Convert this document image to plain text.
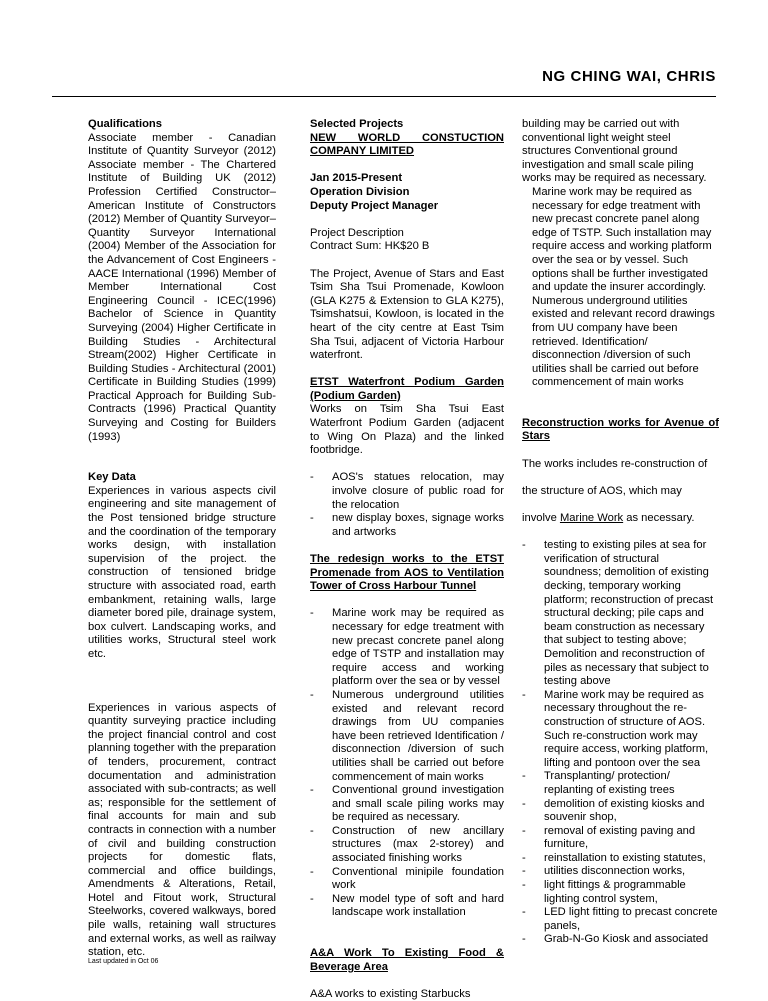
NG CHING WAI, CHRIS

Qualifications

Associate member - Canadian Institute of Quantity Surveyor (2012) Associate member - The Chartered Institute of Building UK (2012) Profession Certified Constructor– American Institute of Constructors (2012) Member of Quantity Surveyor– Quantity Surveyor International (2004) Member of the Association for the Advancement of Cost Engineers - AACE International (1996) Member of Member International Cost Engineering Council - ICEC(1996) Bachelor of Science in Quantity Surveying (2004) Higher Certificate in Building Studies - Architectural Stream(2002) Higher Certificate in Building Studies - Architectural (2001) Certificate in Building Studies (1999) Practical Approach for Building Sub-Contracts (1996) Practical Quantity Surveying and Costing for Builders (1993)

Key Data

Experiences in various aspects civil engineering and site management of the Post tensioned bridge structure and the coordination of the temporary works design, with installation supervision of the project. the construction of tensioned bridge structure with associated road, earth embankment, retaining walls, large diameter bored pile, drainage system, box culvert. Landscaping works, and utilities works, Structural steel work etc.

Experiences in various aspects of quantity surveying practice including the project financial control and cost planning together with the preparation of tenders, procurement, contract documentation and administration associated with sub-contracts; as well as; responsible for the settlement of final accounts for main and sub contracts in connection with a number of civil and building construction projects for domestic flats, commercial and office buildings, Amendments & Alterations, Retail, Hotel and Fitout work, Structural Steelworks, covered walkways, bored pile walls, retaining wall structures and external works, as well as railway station, etc.

Selected Projects

NEW WORLD CONSTUCTION COMPANY LIMITED

Jan 2015-Present

Operation Division

Deputy Project Manager

Project Description

Contract Sum: HK$20 B

The Project, Avenue of Stars and East Tsim Sha Tsui Promenade, Kowloon (GLA K275 & Extension to GLA K275), Tsimshatsui, Kowloon, is located in the heart of the city centre at East Tsim Sha Tsui, adjacent of Victoria Harbour waterfront.

ETST Waterfront Podium Garden (Podium Garden)

Works on Tsim Sha Tsui East Waterfront Podium Garden (adjacent to Wing On Plaza) and the linked footbridge.

- AOS's statues relocation, may involve closure of public road for the relocation
- new display boxes, signage works and artworks

The redesign works to the ETST Promenade from AOS to Ventilation Tower of Cross Harbour Tunnel

- Marine work may be required as necessary for edge treatment with new precast concrete panel along edge of TSTP and installation may require access and working platform over the sea or by vessel
- Numerous underground utilities existed and relevant record drawings from UU companies have been retrieved Identification / disconnection /diversion of such utilities shall be carried out before commencement of main works
- Conventional ground investigation and small scale piling works may be required as necessary.
- Construction of new ancillary structures (max 2-storey) and associated finishing works
- Conventional minipile foundation work
- New model type of soft and hard landscape work installation

A&A Work To Existing Food & Beverage Area

A&A works to existing Starbucks

building may be carried out with conventional light weight steel structures Conventional ground investigation and small scale piling works may be required as necessary.

Marine work may be required as necessary for edge treatment with new precast concrete panel along edge of TSTP. Such installation may require access and working platform over the sea or by vessel. Such options shall be further investigated and update the insurer accordingly. Numerous underground utilities existed and relevant record drawings from UU company have been retrieved. Identification/ disconnection /diversion of such utilities shall be carried out before commencement of main works

Reconstruction works for Avenue of Stars

The works includes re-construction of

the structure of AOS, which may

involve Marine Work as necessary.

- testing to existing piles at sea for verification of structural soundness; demolition of existing decking, temporary working platform; reconstruction of precast structural decking; pile caps and beam construction as necessary that subject to testing above; Demolition and reconstruction of piles as necessary that subject to testing above
- Marine work may be required as necessary throughout the re-construction of structure of AOS. Such re-construction work may require access, working platform, lifting and pontoon over the sea
- Transplanting/ protection/ replanting of existing trees
- demolition of existing kiosks and souvenir shop,
- removal of existing paving and furniture,
- reinstallation to existing statutes,
- utilities disconnection works,
- light fittings & programmable lighting control system,
- LED light fitting to precast concrete panels,
- Grab-N-Go Kiosk and associated
Last updated in Oct 06
